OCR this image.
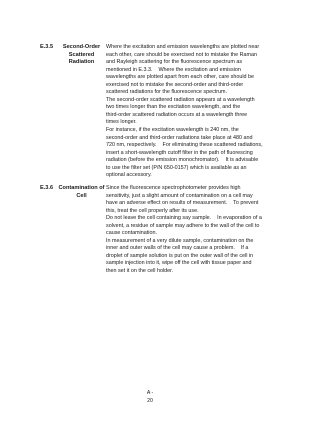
E.3.5	Second-Order Scattered Radiation

Where the excitation and emission wavelengths are plotted near

each other, care should be exercised not to mistake the Raman

and Rayleigh scattering for the fluorescence spectrum as

mentioned in E.3.3.    Where the excitation and emission

wavelengths are plotted apart from each other, care should be

exercised not to mistake the second-order and third-order

scattered radiations for the fluorescence spectrum.

The second-order scattered radiation appears at a wavelength

two times longer than the excitation wavelength, and the

third-order scattered radiation occurs at a wavelength three

times longer.

For instance, if the excitation wavelength is 240 nm, the

second-order and third-order radiations take place at 480 and

720 nm, respectively.    For eliminating these scattered radiations,

insert a short-wavelength cutoff filter in the path of fluorescing

radiation (before the emission monochromator).    It is advisable

to use the filter set (P/N 650-0157) which is available as an

optional accessory.

E.3.6 Contamination of Cell

Since the fluorescence spectrophotometer provides high

sensitivity, just a slight amount of contamination on a cell may

have an adverse effect on results of measurement.    To prevent

this, treat the cell properly after its use.

Do not leave the cell containing say sample.    In evaporation of a

solvent, a residue of sample may adhere to the wall of the cell to

cause contamination.

In measurement of a very dilute sample, contamination on the

inner and outer walls of the cell may cause a problem.    If a

droplet of sample solution is put on the outer wall of the cell in

sample injection into it, wipe off the cell with tissue paper and

then set it on the cell holder.

A -
20
